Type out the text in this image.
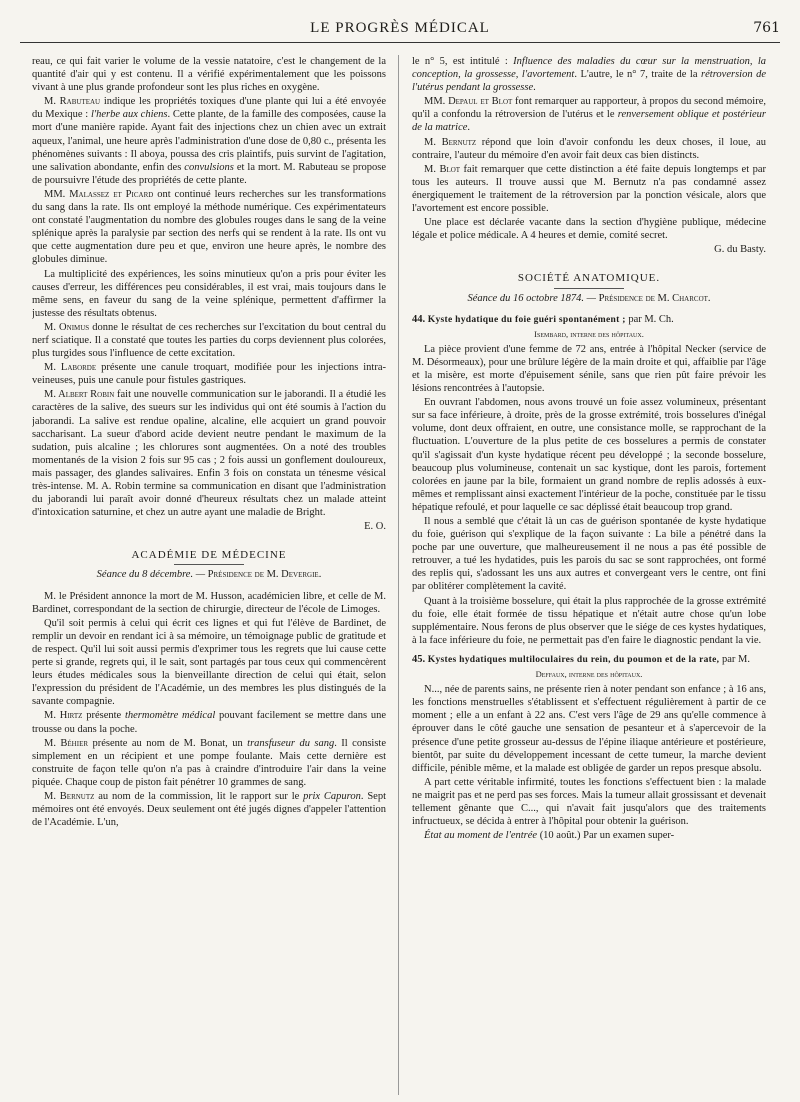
LE PROGRÈS MÉDICAL	761

reau, ce qui fait varier le volume de la vessie natatoire, c'est le changement de la quantité d'air qui y est contenu. Il a vérifié expérimentalement que les poissons vivant à une plus grande profondeur sont les plus riches en oxygène.

M. Rabuteau indique les propriétés toxiques d'une plante qui lui a été envoyée du Mexique : l'herbe aux chiens. Cette plante, de la famille des composées, cause la mort d'une manière rapide. Ayant fait des injections chez un chien avec un extrait aqueux, l'animal, une heure après l'administration d'une dose de 0,80 c., présenta les phénomènes suivants : Il aboya, poussa des cris plaintifs, puis survint de l'agitation, une salivation abondante, enfin des convulsions et la mort. M. Rabuteau se propose de poursuivre l'étude des propriétés de cette plante.

MM. Malassez et Picard ont continué leurs recherches sur les transformations du sang dans la rate. Ils ont employé la méthode numérique. Ces expérimentateurs ont constaté l'augmentation du nombre des globules rouges dans le sang de la veine splénique après la paralysie par section des nerfs qui se rendent à la rate. Ils ont vu que cette augmentation dure peu et que, environ une heure après, le nombre des globules diminue.

La multiplicité des expériences, les soins minutieux qu'on a pris pour éviter les causes d'erreur, les différences peu considérables, il est vrai, mais toujours dans le même sens, en faveur du sang de la veine splénique, permettent d'affirmer la justesse des résultats obtenus.

M. Onimus donne le résultat de ces recherches sur l'excitation du bout central du nerf sciatique. Il a constaté que toutes les parties du corps deviennent plus colorées, plus turgides sous l'influence de cette excitation.

M. Laborde présente une canule troquart, modifiée pour les injections intra-veineuses, puis une canule pour fistules gastriques.

M. Albert Robin fait une nouvelle communication sur le jaborandi. Il a étudié les caractères de la salive, des sueurs sur les individus qui ont été soumis à l'action du jaborandi. La salive est rendue opaline, alcaline, elle acquiert un grand pouvoir saccharisant. La sueur d'abord acide devient neutre pendant le maximum de la sudation, puis alcaline ; les chlorures sont augmentées. On a noté des troubles momentanés de la vision 2 fois sur 95 cas ; 2 fois aussi un gonflement douloureux, mais passager, des glandes salivaires. Enfin 3 fois on constata un ténesme vésical très-intense. M. A. Robin termine sa communication en disant que l'administration du jaborandi lui paraît avoir donné d'heureux résultats chez un malade atteint d'intoxication saturnine, et chez un autre ayant une maladie de Bright.

E. O.

ACADÉMIE DE MÉDECINE

Séance du 8 décembre. — Présidence de M. Devergie.

M. le Président annonce la mort de M. Husson, académicien libre, et celle de M. Bardinet, correspondant de la section de chirurgie, directeur de l'école de Limoges.

Qu'il soit permis à celui qui écrit ces lignes et qui fut l'élève de Bardinet, de remplir un devoir en rendant ici à sa mémoire, un témoignage public de gratitude et de respect. Qu'il lui soit aussi permis d'exprimer tous les regrets que lui cause cette perte si grande, regrets qui, il le sait, sont partagés par tous ceux qui commencèrent leurs études médicales sous la bienveillante direction de celui qui était, selon l'expression du président de l'Académie, un des membres les plus distingués de la savante compagnie.

M. Hirtz présente thermomètre médical pouvant facilement se mettre dans une trousse ou dans la poche.

M. Béhier présente au nom de M. Bonat, un transfuseur du sang. Il consiste simplement en un récipient et une pompe foulante. Mais cette dernière est construite de façon telle qu'on n'a pas à craindre d'introduire l'air dans la veine piquée. Chaque coup de piston fait pénétrer 10 grammes de sang.

M. Bernutz au nom de la commission, lit le rapport sur le prix Capuron. Sept mémoires ont été envoyés. Deux seulement ont été jugés dignes d'appeler l'attention de l'Académie. L'un,

le n° 5, est intitulé : Influence des maladies du cœur sur la menstruation, la conception, la grossesse, l'avortement. L'autre, le n° 7, traite de la rétroversion de l'utérus pendant la grossesse.

MM. Depaul et Blot font remarquer au rapporteur, à propos du second mémoire, qu'il a confondu la rétroversion de l'utérus et le renversement oblique et postérieur de la matrice.

M. Bernutz répond que loin d'avoir confondu les deux choses, il loue, au contraire, l'auteur du mémoire d'en avoir fait deux cas bien distincts.

M. Blot fait remarquer que cette distinction a été faite depuis longtemps et par tous les auteurs. Il trouve aussi que M. Bernutz n'a pas condamné assez énergiquement le traitement de la rétroversion par la ponction vésicale, alors que l'avortement est encore possible.

Une place est déclarée vacante dans la section d'hygiène publique, médecine légale et police médicale. A 4 heures et demie, comité secret.

G. du Basty.

SOCIÉTÉ ANATOMIQUE.

Séance du 16 octobre 1874. — Présidence de M. Charcot.

44. Kyste hydatique du foie guéri spontanément ; par M. Ch.

Isembard, interne des hôpitaux.

La pièce provient d'une femme de 72 ans, entrée à l'hôpital Necker (service de M. Désormeaux), pour une brûlure légère de la main droite et qui, affaiblie par l'âge et la misère, est morte d'épuisement sénile, sans que rien pût faire prévoir les lésions rencontrées à l'autopsie.

En ouvrant l'abdomen, nous avons trouvé un foie assez volumineux, présentant sur sa face inférieure, à droite, près de la grosse extrémité, trois bosselures d'inégal volume, dont deux offraient, en outre, une consistance molle, se rapprochant de la fluctuation. L'ouverture de la plus petite de ces bosselures a permis de constater qu'il s'agissait d'un kyste hydatique récent peu développé ; la seconde bosselure, beaucoup plus volumineuse, contenait un sac kystique, dont les parois, fortement colorées en jaune par la bile, formaient un grand nombre de replis adossés à eux-mêmes et remplissant ainsi exactement l'intérieur de la poche, constituée par le tissu hépatique refoulé, et pour laquelle ce sac déplissé était beaucoup trop grand.

Il nous a semblé que c'était là un cas de guérison spontanée de kyste hydatique du foie, guérison qui s'explique de la façon suivante : La bile a pénétré dans la poche par une ouverture, que malheureusement il ne nous a pas été possible de retrouver, a tué les hydatides, puis les parois du sac se sont rapprochées, ont formé des replis qui, s'adossant les uns aux autres et convergeant vers le centre, ont fini par oblitérer complètement la cavité.

Quant à la troisième bosselure, qui était la plus rapprochée de la grosse extrémité du foie, elle était formée de tissu hépatique et n'était autre chose qu'un lobe supplémentaire. Nous ferons de plus observer que le siége de ces kystes hydatiques, à la face inférieure du foie, ne permettait pas d'en faire le diagnostic pendant la vie.

45. Kystes hydatiques multiloculaires du rein, du poumon et de la rate, par M.

Deffaux, interne des hôpitaux.

N..., née de parents sains, ne présente rien à noter pendant son enfance ; à 16 ans, les fonctions menstruelles s'établissent et s'effectuent régulièrement à partir de ce moment ; elle a un enfant à 22 ans. C'est vers l'âge de 29 ans qu'elle commence à éprouver dans le côté gauche une sensation de pesanteur et à s'apercevoir de la présence d'une petite grosseur au-dessus de l'épine iliaque antérieure et postérieure, bientôt, par suite du développement incessant de cette tumeur, la marche devient difficile, pénible même, et la malade est obligée de garder un repos presque absolu.

A part cette véritable infirmité, toutes les fonctions s'effectuent bien : la malade ne maigrit pas et ne perd pas ses forces. Mais la tumeur allait grossissant et devenait tellement gênante que C..., qui n'avait fait jusqu'alors que des traitements infructueux, se décida à entrer à l'hôpital pour obtenir la guérison.

État au moment de l'entrée (10 août.) Par un examen super-
